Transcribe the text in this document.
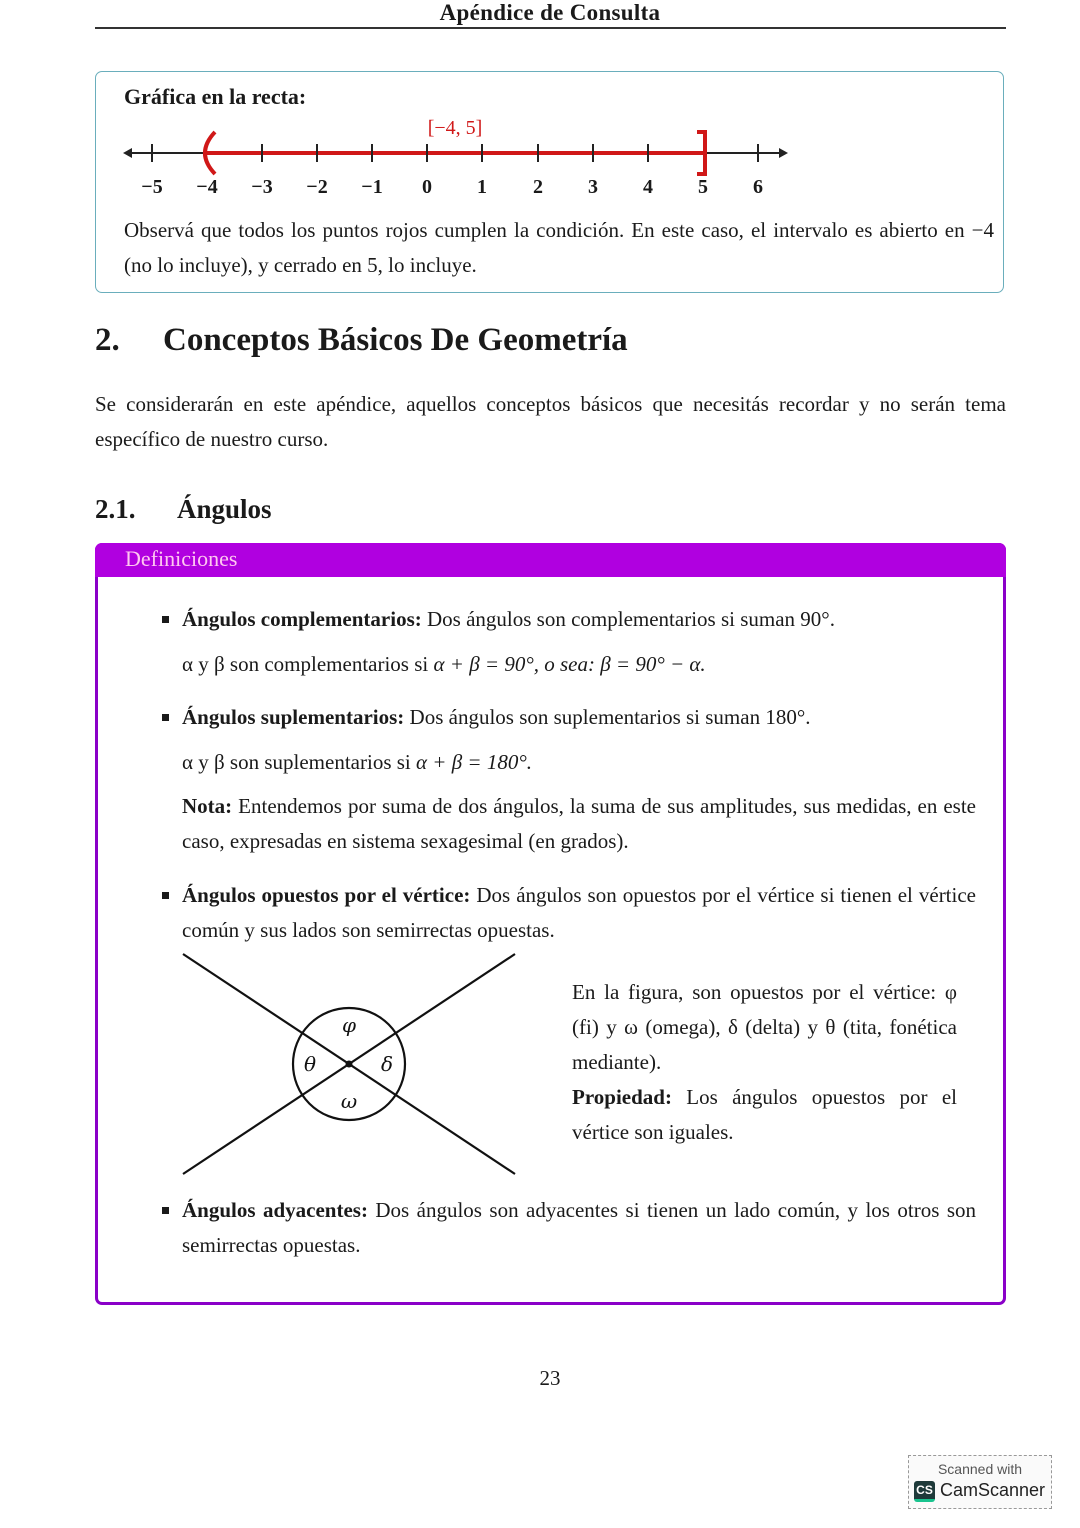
Apéndice de Consulta
Gráfica en la recta:
[−4, 5]
−5 −4 −3 −2 −1 0 1 2 3 4 5 6
Observá que todos los puntos rojos cumplen la condición. En este caso, el intervalo es abierto en −4 (no lo incluye), y cerrado en 5, lo incluye.
2. Conceptos Básicos De Geometría
Se considerarán en este apéndice, aquellos conceptos básicos que necesitás recordar y no serán tema específico de nuestro curso.
2.1. Ángulos
Definiciones
Ángulos complementarios: Dos ángulos son complementarios si suman 90°.
α y β son complementarios si α + β = 90°, o sea: β = 90° − α.
Ángulos suplementarios: Dos ángulos son suplementarios si suman 180°.
α y β son suplementarios si α + β = 180°.
Nota: Entendemos por suma de dos ángulos, la suma de sus amplitudes, sus medidas, en este caso, expresadas en sistema sexagesimal (en grados).
Ángulos opuestos por el vértice: Dos ángulos son opuestos por el vértice si tienen el vértice común y sus lados son semirrectas opuestas.
φ
θ	δ
ω
En la figura, son opuestos por el vértice: φ (fi) y ω (omega), δ (delta) y θ (tita, fonética mediante).
Propiedad: Los ángulos opuestos por el vértice son iguales.
Ángulos adyacentes: Dos ángulos son adyacentes si tienen un lado común, y los otros son semirrectas opuestas.
23
Scanned with
CS CamScanner
